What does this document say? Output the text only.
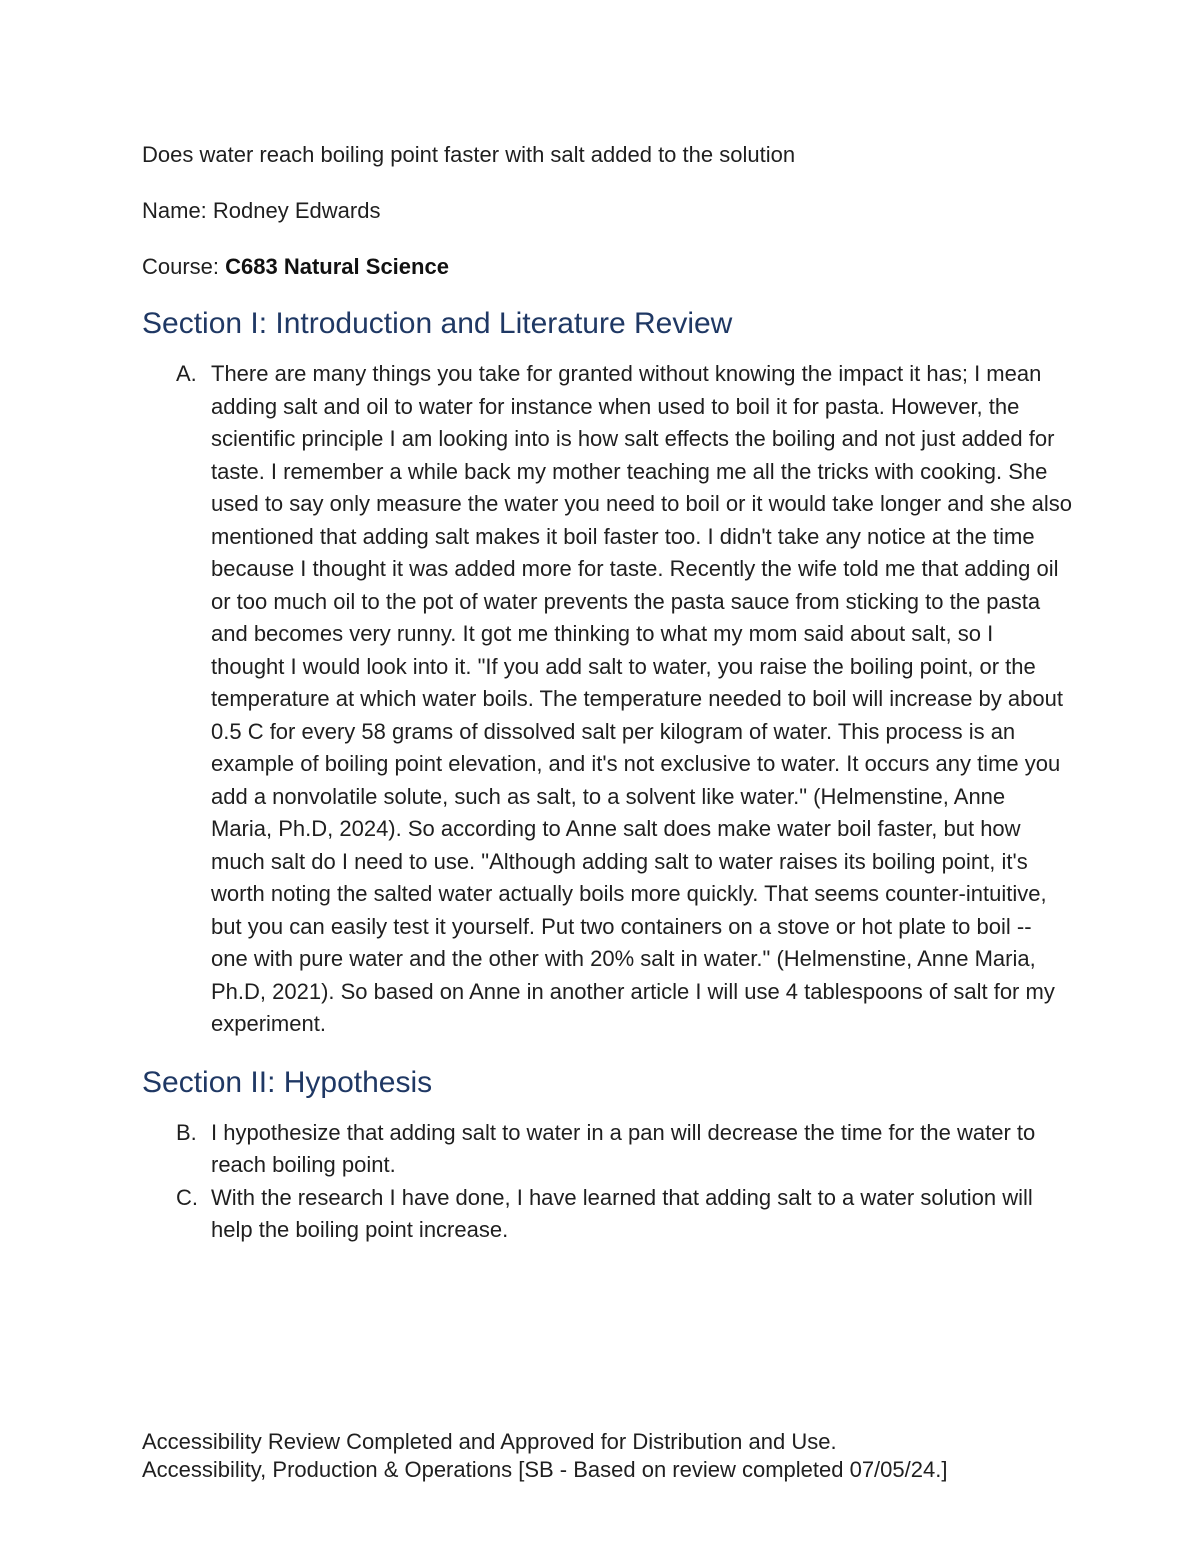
Does water reach boiling point faster with salt added to the solution

Name: Rodney Edwards

Course: C683 Natural Science

Section I: Introduction and Literature Review

A. There are many things you take for granted without knowing the impact it has; I mean adding salt and oil to water for instance when used to boil it for pasta. However, the scientific principle I am looking into is how salt effects the boiling and not just added for taste. I remember a while back my mother teaching me all the tricks with cooking. She used to say only measure the water you need to boil or it would take longer and she also mentioned that adding salt makes it boil faster too. I didn't take any notice at the time because I thought it was added more for taste. Recently the wife told me that adding oil or too much oil to the pot of water prevents the pasta sauce from sticking to the pasta and becomes very runny. It got me thinking to what my mom said about salt, so I thought I would look into it. "If you add salt to water, you raise the boiling point, or the temperature at which water boils. The temperature needed to boil will increase by about 0.5 C for every 58 grams of dissolved salt per kilogram of water. This process is an example of boiling point elevation, and it's not exclusive to water. It occurs any time you add a nonvolatile solute, such as salt, to a solvent like water." (Helmenstine, Anne Maria, Ph.D, 2024). So according to Anne salt does make water boil faster, but how much salt do I need to use. "Although adding salt to water raises its boiling point, it's worth noting the salted water actually boils more quickly. That seems counter-intuitive, but you can easily test it yourself. Put two containers on a stove or hot plate to boil -- one with pure water and the other with 20% salt in water." (Helmenstine, Anne Maria, Ph.D, 2021). So based on Anne in another article I will use 4 tablespoons of salt for my experiment.

Section II: Hypothesis

B. I hypothesize that adding salt to water in a pan will decrease the time for the water to reach boiling point.

C. With the research I have done, I have learned that adding salt to a water solution will help the boiling point increase.

Accessibility Review Completed and Approved for Distribution and Use.

Accessibility, Production & Operations [SB - Based on review completed 07/05/24.]
